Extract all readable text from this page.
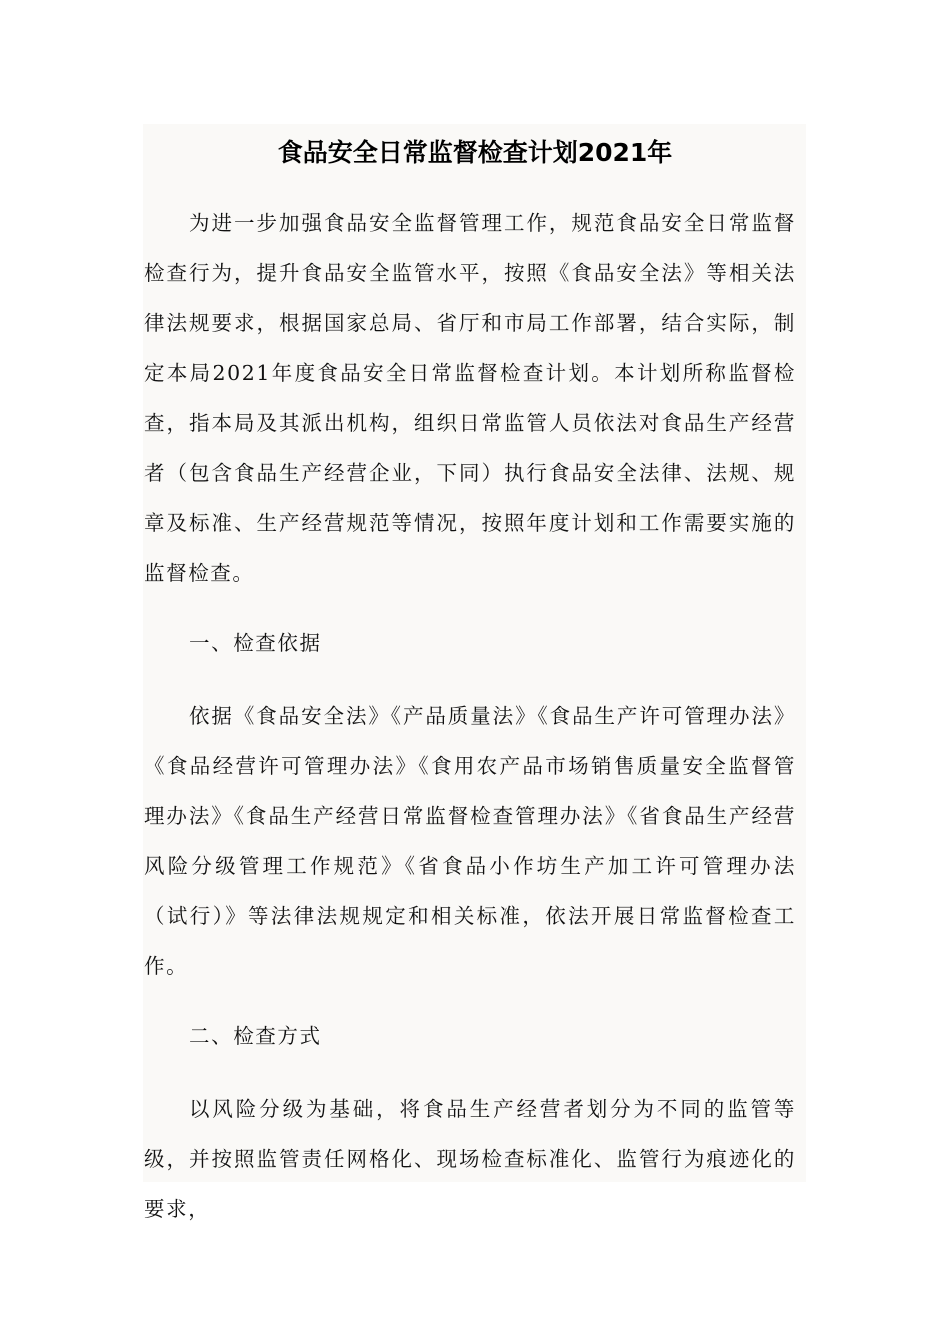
食品安全日常监督检查计划2021年

为进一步加强食品安全监督管理工作，规范食品安全日常监督检查行为，提升食品安全监管水平，按照《食品安全法》等相关法律法规要求，根据国家总局、省厅和市局工作部署，结合实际，制定本局2021年度食品安全日常监督检查计划。本计划所称监督检查，指本局及其派出机构，组织日常监管人员依法对食品生产经营者（包含食品生产经营企业，下同）执行食品安全法律、法规、规章及标准、生产经营规范等情况，按照年度计划和工作需要实施的监督检查。

一、检查依据

依据《食品安全法》《产品质量法》《食品生产许可管理办法》《食品经营许可管理办法》《食用农产品市场销售质量安全监督管理办法》《食品生产经营日常监督检查管理办法》《省食品生产经营风险分级管理工作规范》《省食品小作坊生产加工许可管理办法（试行）》等法律法规规定和相关标准，依法开展日常监督检查工作。

二、检查方式

以风险分级为基础，将食品生产经营者划分为不同的监管等级，并按照监管责任网格化、现场检查标准化、监管行为痕迹化的要求，
